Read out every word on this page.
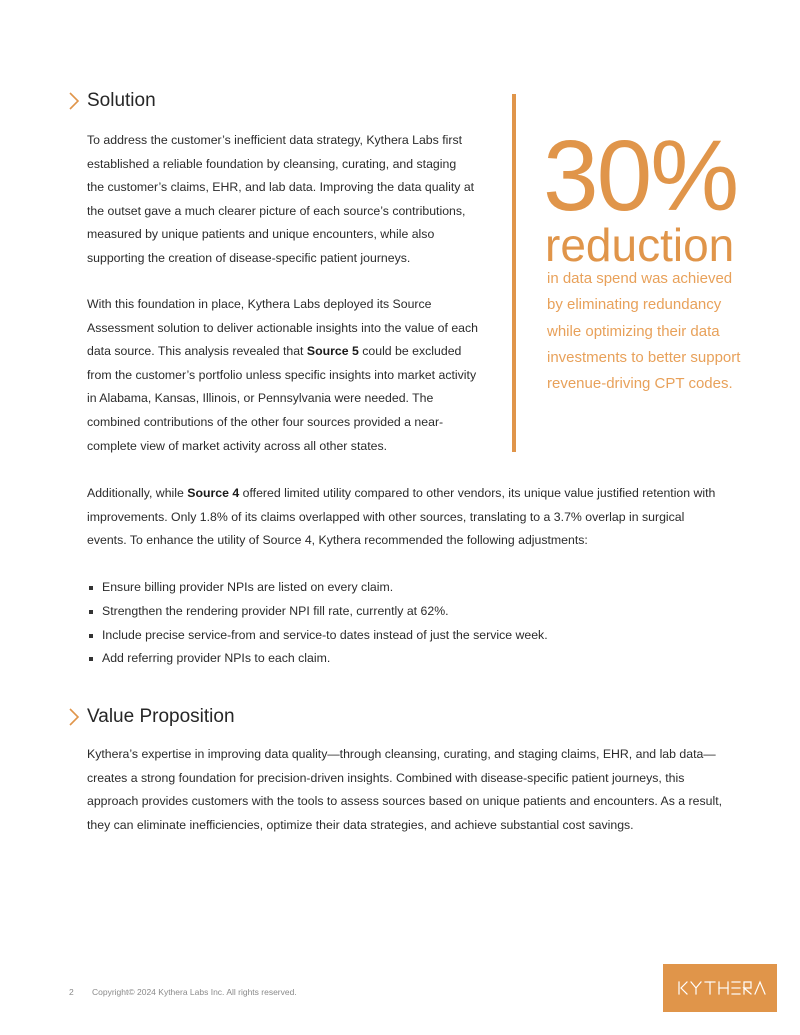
Solution

To address the customer’s inefficient data strategy, Kythera Labs first established a reliable foundation by cleansing, curating, and staging the customer’s claims, EHR, and lab data. Improving the data quality at the outset gave a much clearer picture of each source’s contributions, measured by unique patients and unique encounters, while also supporting the creation of disease-specific patient journeys.

With this foundation in place, Kythera Labs deployed its Source Assessment solution to deliver actionable insights into the value of each data source. This analysis revealed that Source 5 could be excluded from the customer’s portfolio unless specific insights into market activity in Alabama, Kansas, Illinois, or Pennsylvania were needed. The combined contributions of the other four sources provided a near-complete view of market activity across all other states.

30%
reduction

in data spend was achieved by eliminating redundancy while optimizing their data investments to better support revenue-driving CPT codes.

Additionally, while Source 4 offered limited utility compared to other vendors, its unique value justified retention with improvements. Only 1.8% of its claims overlapped with other sources, translating to a 3.7% overlap in surgical events. To enhance the utility of Source 4, Kythera recommended the following adjustments:

Ensure billing provider NPIs are listed on every claim.
Strengthen the rendering provider NPI fill rate, currently at 62%.
Include precise service-from and service-to dates instead of just the service week.
Add referring provider NPIs to each claim.
Value Proposition

Kythera’s expertise in improving data quality—through cleansing, curating, and staging claims, EHR, and lab data—creates a strong foundation for precision-driven insights. Combined with disease-specific patient journeys, this approach provides customers with the tools to assess sources based on unique patients and encounters. As a result, they can eliminate inefficiencies, optimize their data strategies, and achieve substantial cost savings.

2 Copyright© 2024 Kythera Labs Inc. All rights reserved.
